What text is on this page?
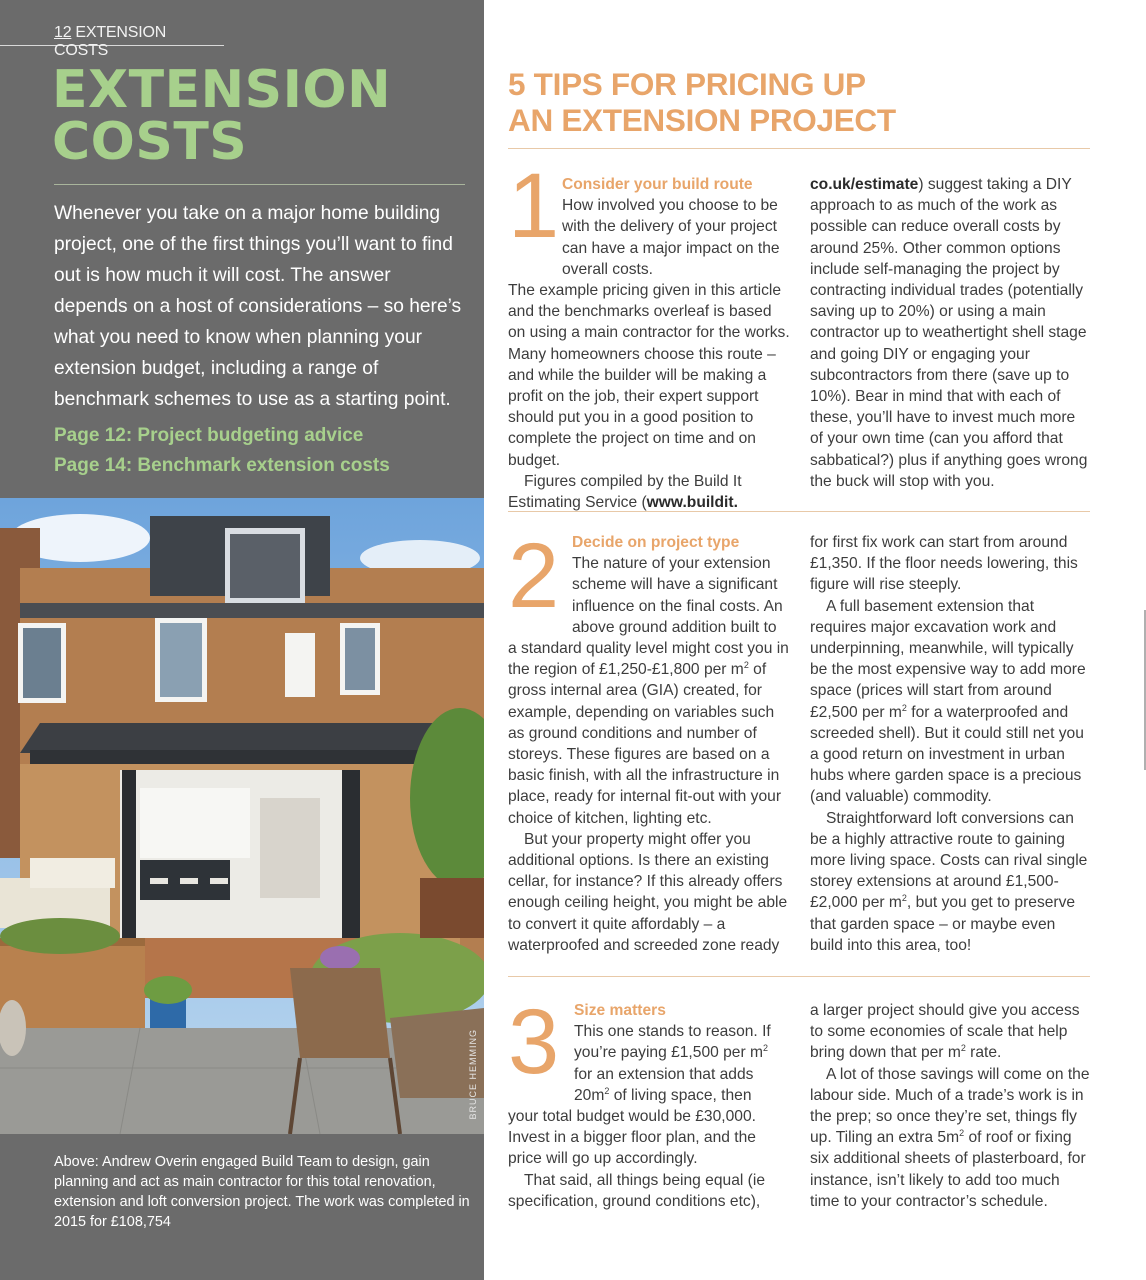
12 EXTENSION COSTS
EXTENSION
COSTS

Whenever you take on a major home building project, one of the first things you’ll want to find out is how much it will cost. The answer depends on a host of considerations – so here’s what you need to know when planning your extension budget, including a range of benchmark schemes to use as a starting point.

Page 12: Project budgeting advice
Page 14: Benchmark extension costs
BRUCE HEMMING

Above: Andrew Overin engaged Build Team to design, gain planning and act as main contractor for this total renovation, extension and loft conversion project. The work was completed in 2015 for £108,754

5 TIPS FOR PRICING UP
AN EXTENSION PROJECT
1 Consider your build route
How involved you choose to be with the delivery of your project can have a major impact on the overall costs.

The example pricing given in this article and the benchmarks overleaf is based on using a main contractor for the works. Many homeowners choose this route – and while the builder will be making a profit on the job, their expert support should put you in a good position to complete the project on time and on budget.

Figures compiled by the Build It Estimating Service (www.buildit.

co.uk/estimate) suggest taking a DIY approach to as much of the work as possible can reduce overall costs by around 25%. Other common options include self-managing the project by contracting individual trades (potentially saving up to 20%) or using a main contractor up to weathertight shell stage and going DIY or engaging your subcontractors from there (save up to 10%). Bear in mind that with each of these, you’ll have to invest much more of your own time (can you afford that sabbatical?) plus if anything goes wrong the buck will stop with you.

2 Decide on project type
The nature of your extension scheme will have a significant influence on the final costs. An above ground addition built to

a standard quality level might cost you in the region of £1,250-£1,800 per $m^2$ of gross internal area (GIA) created, for example, depending on variables such as ground conditions and number of storeys. These figures are based on a basic finish, with all the infrastructure in place, ready for internal fit-out with your choice of kitchen, lighting etc.

But your property might offer you additional options. Is there an existing cellar, for instance? If this already offers enough ceiling height, you might be able to convert it quite affordably – a waterproofed and screeded zone ready

for first fix work can start from around £1,350. If the floor needs lowering, this figure will rise steeply.

A full basement extension that requires major excavation work and underpinning, meanwhile, will typically be the most expensive way to add more space (prices will start from around £2,500 per $m^2$ for a waterproofed and screeded shell). But it could still net you a good return on investment in urban hubs where garden space is a precious (and valuable) commodity.

Straightforward loft conversions can be a highly attractive route to gaining more living space. Costs can rival single storey extensions at around £1,500-£2,000 per $m^2$, but you get to preserve that garden space – or maybe even build into this area, too!

3 Size matters
This one stands to reason. If you’re paying £1,500 per $m^2$ for an extension that adds $20m^2$ of living space, then

your total budget would be £30,000. Invest in a bigger floor plan, and the price will go up accordingly.

That said, all things being equal (ie specification, ground conditions etc),

a larger project should give you access to some economies of scale that help bring down that per $m^2$ rate.

A lot of those savings will come on the labour side. Much of a trade’s work is in the prep; so once they’re set, things fly up. Tiling an extra $5m^2$ of roof or fixing six additional sheets of plasterboard, for instance, isn’t likely to add too much time to your contractor’s schedule.
